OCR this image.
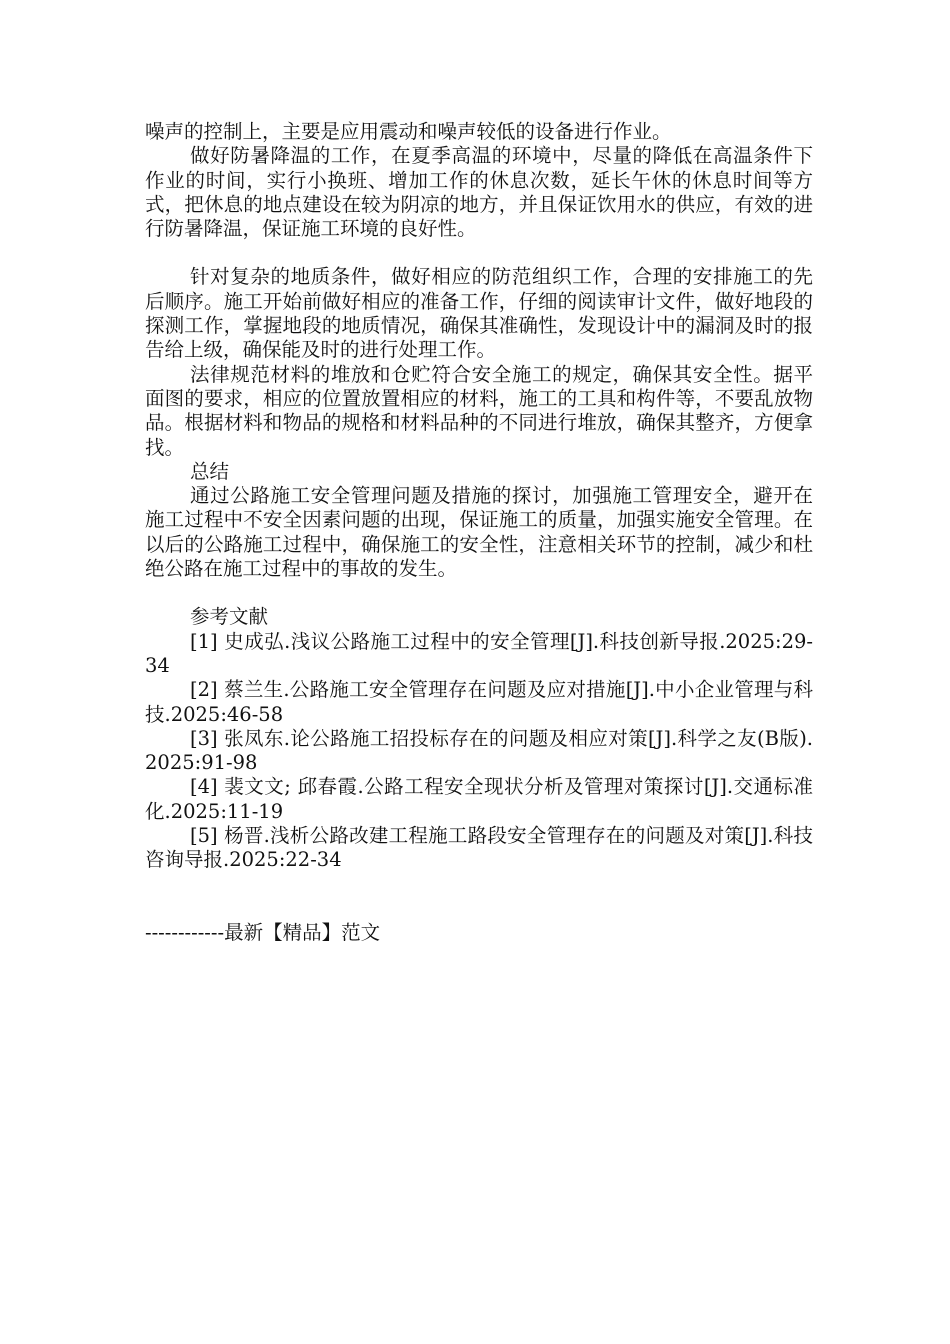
噪声的控制上，主要是应用震动和噪声较低的设备进行作业。

做好防暑降温的工作，在夏季高温的环境中，尽量的降低在高温条件下作业的时间，实行小换班、增加工作的休息次数，延长午休的休息时间等方式，把休息的地点建设在较为阴凉的地方，并且保证饮用水的供应，有效的进行防暑降温，保证施工环境的良好性。

针对复杂的地质条件，做好相应的防范组织工作，合理的安排施工的先后顺序。施工开始前做好相应的准备工作，仔细的阅读审计文件，做好地段的探测工作，掌握地段的地质情况，确保其准确性，发现设计中的漏洞及时的报告给上级，确保能及时的进行处理工作。

法律规范材料的堆放和仓贮符合安全施工的规定，确保其安全性。据平面图的要求，相应的位置放置相应的材料，施工的工具和构件等，不要乱放物品。根据材料和物品的规格和材料品种的不同进行堆放，确保其整齐，方便拿找。

总结

通过公路施工安全管理问题及措施的探讨，加强施工管理安全，避开在施工过程中不安全因素问题的出现，保证施工的质量，加强实施安全管理。在以后的公路施工过程中，确保施工的安全性，注意相关环节的控制，减少和杜绝公路在施工过程中的事故的发生。

参考文献

[1] 史成弘.浅议公路施工过程中的安全管理[J].科技创新导报.2025:29-34

[2] 蔡兰生.公路施工安全管理存在问题及应对措施[J].中小企业管理与科技.2025:46-58

[3] 张凤东.论公路施工招投标存在的问题及相应对策[J].科学之友(B版).2025:91-98

[4] 裴文文; 邱春霞.公路工程安全现状分析及管理对策探讨[J].交通标准化.2025:11-19

[5] 杨晋.浅析公路改建工程施工路段安全管理存在的问题及对策[J].科技咨询导报.2025:22-34

------------最新【精品】范文
